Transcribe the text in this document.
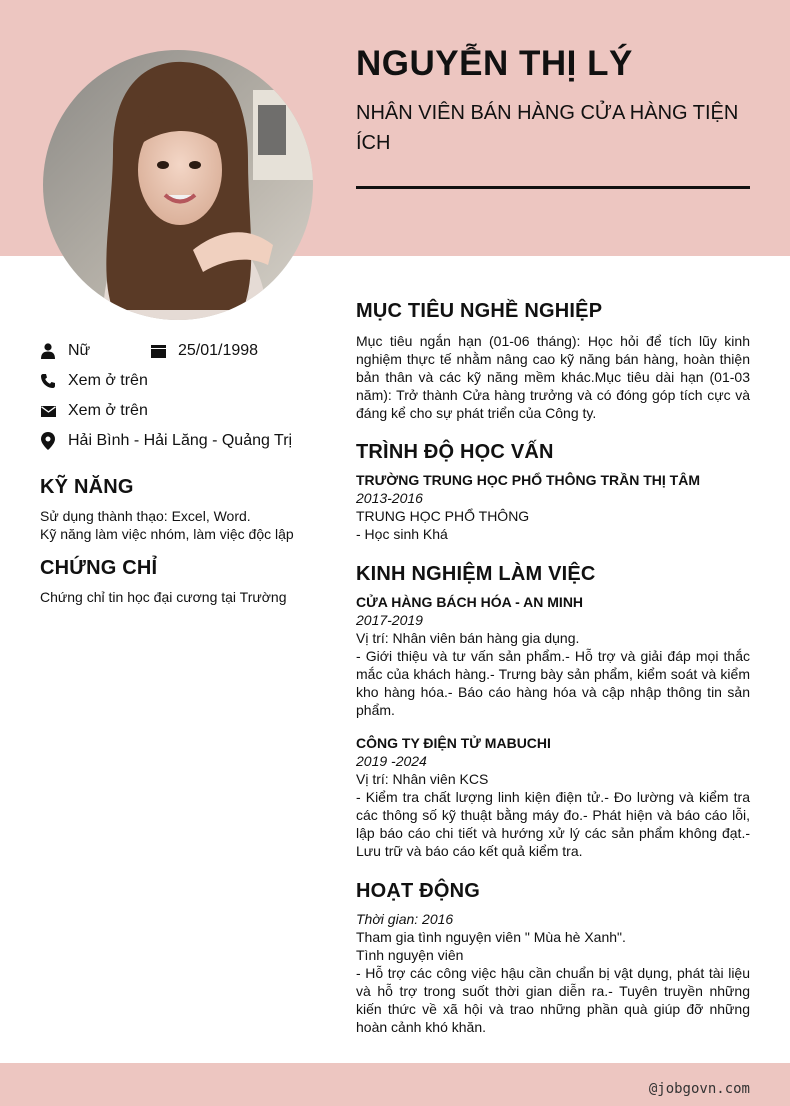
@jobgovn.com
NGUYỄN THỊ LÝ

NHÂN VIÊN BÁN HÀNG CỬA HÀNG TIỆN ÍCH

Nữ	25/01/1998
Xem ở trên
Xem ở trên
Hải Bình - Hải Lăng - Quảng Trị
KỸ NĂNG
Sử dụng thành thạo: Excel, Word.
Kỹ năng làm việc nhóm, làm việc độc lập
CHỨNG CHỈ
Chứng chỉ tin học đại cương tại Trường
MỤC TIÊU NGHỀ NGHIỆP
Mục tiêu ngắn hạn (01-06 tháng): Học hỏi để tích lũy kinh nghiệm thực tế nhằm nâng cao kỹ năng bán hàng, hoàn thiện bản thân và các kỹ năng mềm khác.Mục tiêu dài hạn (01-03 năm): Trở thành Cửa hàng trưởng và có đóng góp tích cực và đáng kể cho sự phát triển của Công ty.
TRÌNH ĐỘ HỌC VẤN
TRƯỜNG TRUNG HỌC PHỔ THÔNG TRẦN THỊ TÂM
2013-2016
TRUNG HỌC PHỔ THÔNG
- Học sinh Khá
KINH NGHIỆM LÀM VIỆC
CỬA HÀNG BÁCH HÓA - AN MINH
2017-2019
Vị trí: Nhân viên bán hàng gia dụng.
- Giới thiệu và tư vấn sản phẩm.- Hỗ trợ và giải đáp mọi thắc mắc của khách hàng.- Trưng bày sản phẩm, kiểm soát và kiểm kho hàng hóa.- Báo cáo hàng hóa và cập nhập thông tin sản phẩm.
CÔNG TY ĐIỆN TỬ MABUCHI
2019 -2024
Vị trí: Nhân viên KCS
- Kiểm tra chất lượng linh kiện điện tử.- Đo lường và kiểm tra các thông số kỹ thuật bằng máy đo.- Phát hiện và báo cáo lỗi, lập báo cáo chi tiết và hướng xử lý các sản phẩm không đạt.- Lưu trữ và báo cáo kết quả kiểm tra.
HOẠT ĐỘNG
Thời gian: 2016
Tham gia tình nguyện viên " Mùa hè Xanh".
Tình nguyện viên
- Hỗ trợ các công việc hậu cần chuẩn bị vật dụng, phát tài liệu và hỗ trợ trong suốt thời gian diễn ra.- Tuyên truyền những kiến thức về xã hội và trao những phần quà giúp đỡ những hoàn cảnh khó khăn.
